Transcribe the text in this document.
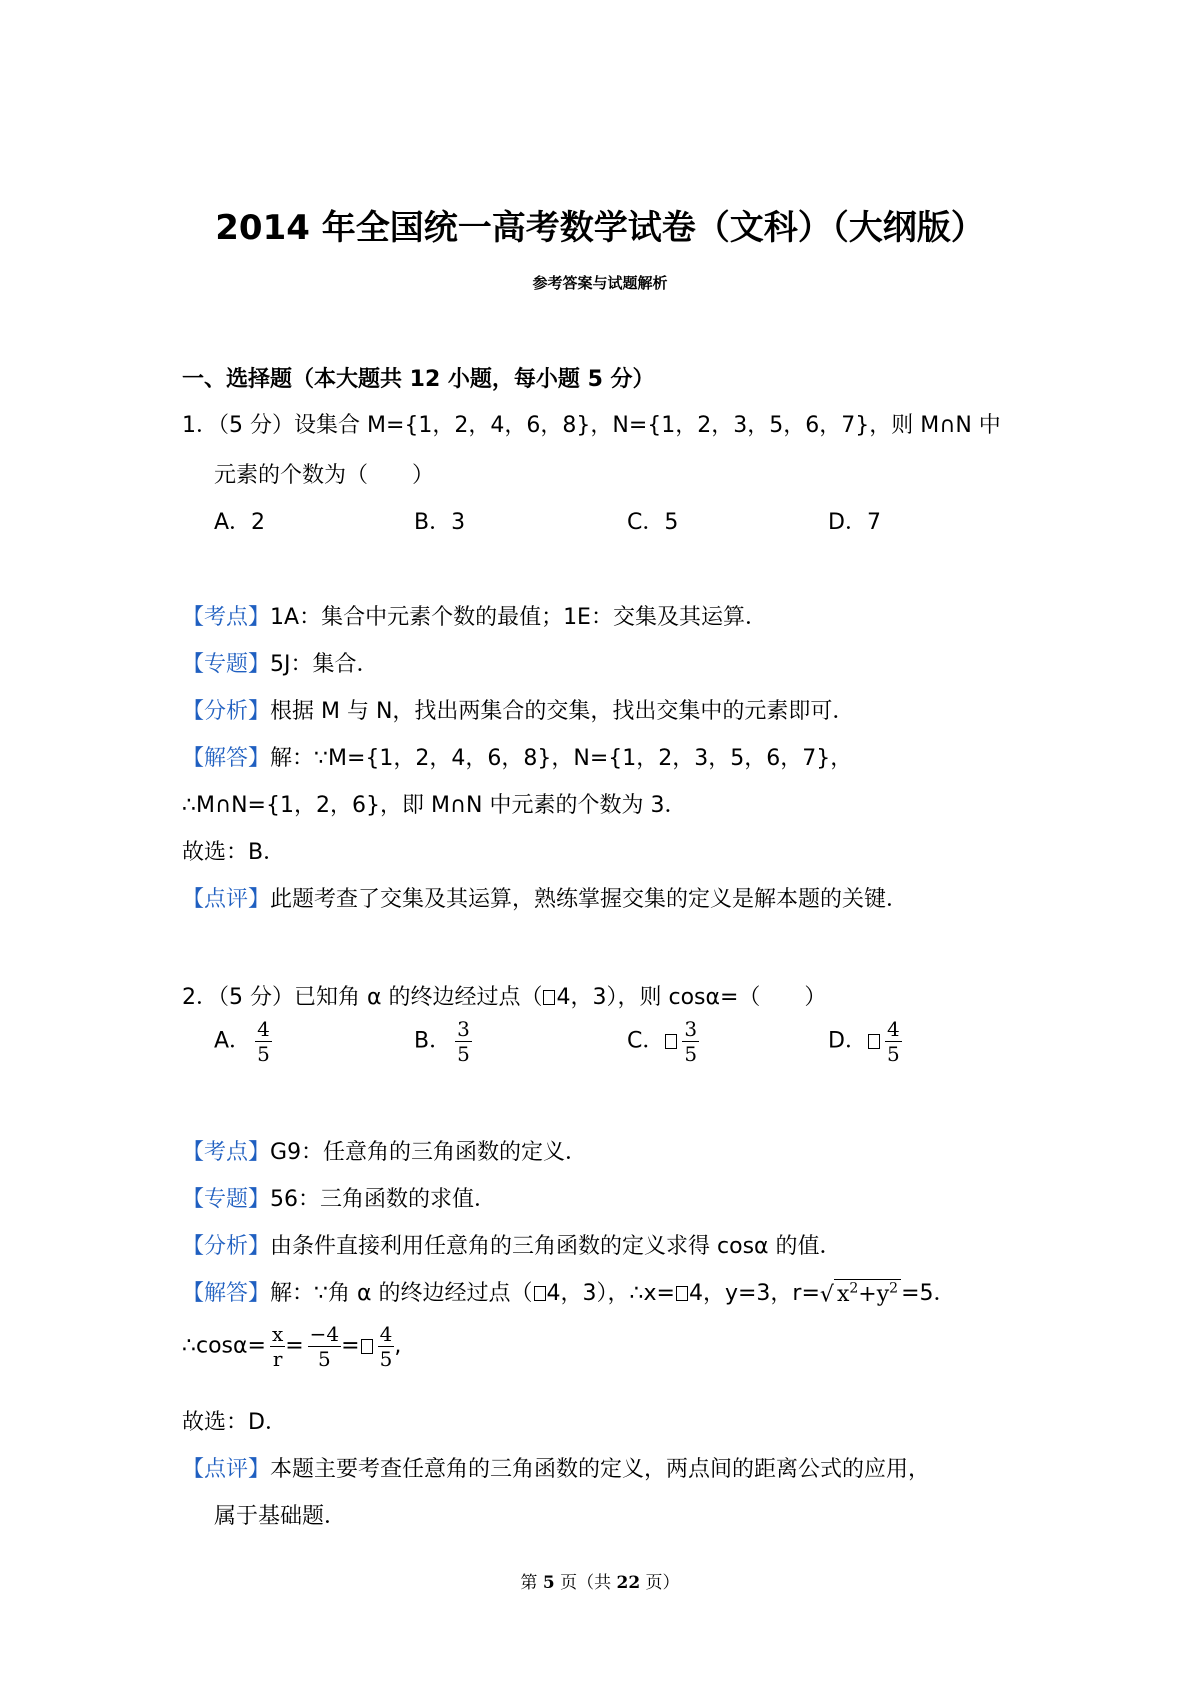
2014 年全国统一高考数学试卷（文科）（大纲版）
参考答案与试题解析
一、选择题（本大题共 12 小题，每小题 5 分）
1．（5 分）设集合 M={1，2，4，6，8}，N={1，2，3，5，6，7}，则 M∩N 中
元素的个数为（　　）
A．2	B．3	C．5	D．7
【考点】1A：集合中元素个数的最值；1E：交集及其运算．
【专题】5J：集合．
【分析】根据 M 与 N，找出两集合的交集，找出交集中的元素即可．
【解答】解：∵M={1，2，4，6，8}，N={1，2，3，5，6，7}，
∴M∩N={1，2，6}，即 M∩N 中元素的个数为 3．
故选：B．
【点评】此题考查了交集及其运算，熟练掌握交集的定义是解本题的关键．
2．（5 分）已知角 α 的终边经过点（ 4，3），则 cosα=（　　）
A． $\frac{4}{5}$	B． $\frac{3}{5}$	C． $\frac{3}{5}$	D． $\frac{4}{5}$
【考点】G9：任意角的三角函数的定义．
【专题】56：三角函数的求值．
【分析】由条件直接利用任意角的三角函数的定义求得 cosα 的值．
【解答】解：∵角 α 的终边经过点（ 4，3），∴x= 4，y=3，r=√ $x^2+y^2 =5$．
∴cosα= $\frac{x}{r} = \frac{-4}{5} = \frac{4}{5}$ ,
故选：D．
【点评】本题主要考查任意角的三角函数的定义，两点间的距离公式的应用，
属于基础题．
第 5 页（共 22 页）
